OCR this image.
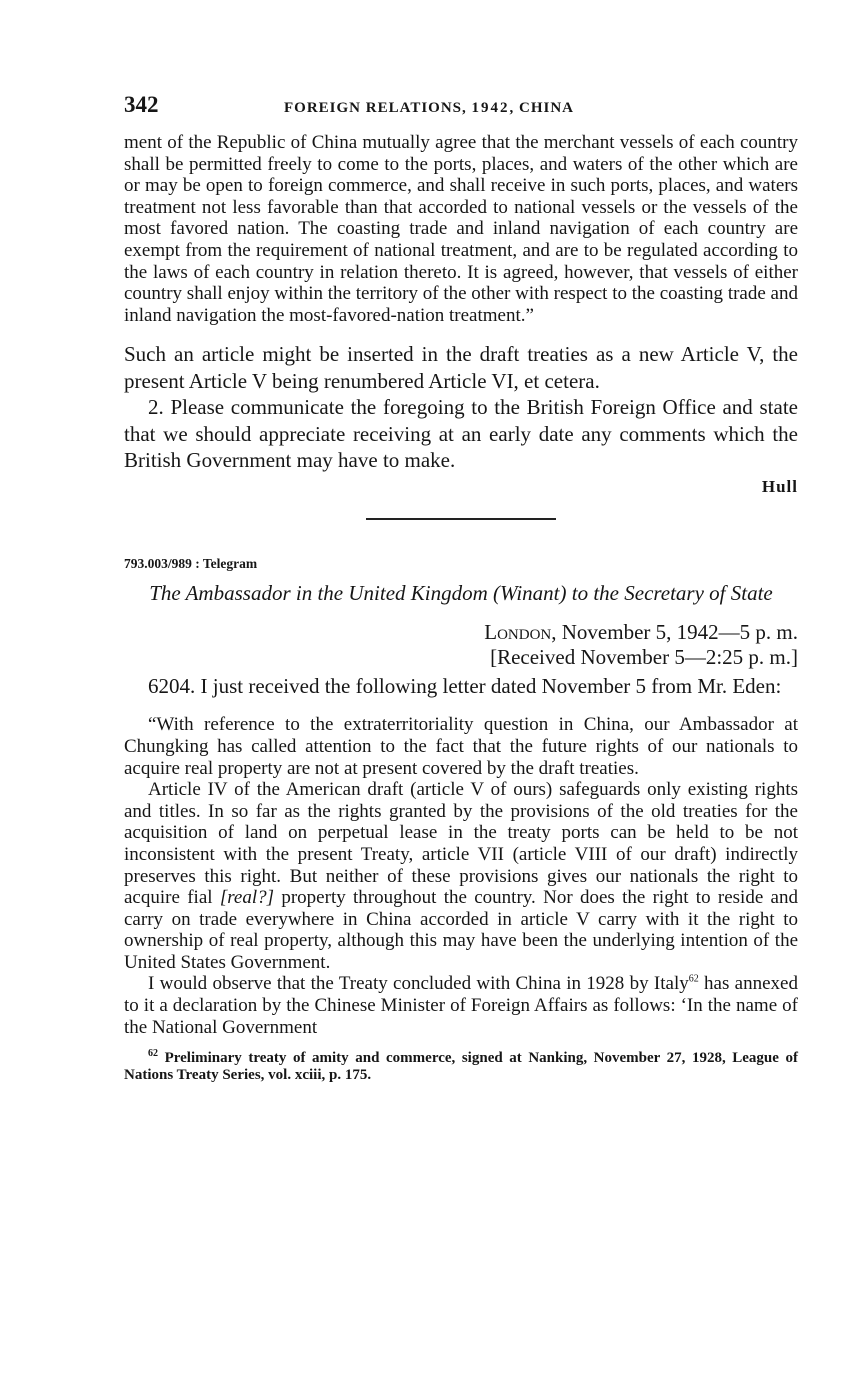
342	FOREIGN RELATIONS, 1942, CHINA

ment of the Republic of China mutually agree that the merchant vessels of each country shall be permitted freely to come to the ports, places, and waters of the other which are or may be open to foreign commerce, and shall receive in such ports, places, and waters treatment not less favorable than that accorded to national vessels or the vessels of the most favored nation. The coasting trade and inland navigation of each country are exempt from the requirement of national treatment, and are to be regulated according to the laws of each country in relation thereto. It is agreed, however, that vessels of either country shall enjoy within the territory of the other with respect to the coasting trade and inland navigation the most-favored-nation treatment.”

Such an article might be inserted in the draft treaties as a new Article V, the present Article V being renumbered Article VI, et cetera.

2. Please communicate the foregoing to the British Foreign Office and state that we should appreciate receiving at an early date any comments which the British Government may have to make.

Hull
793.003/989 : Telegram
The Ambassador in the United Kingdom (Winant) to the Secretary of State
London, November 5, 1942—5 p. m.
[Received November 5—2:25 p. m.]

6204. I just received the following letter dated November 5 from Mr. Eden:

“With reference to the extraterritoriality question in China, our Ambassador at Chungking has called attention to the fact that the future rights of our nationals to acquire real property are not at present covered by the draft treaties.

Article IV of the American draft (article V of ours) safeguards only existing rights and titles. In so far as the rights granted by the provisions of the old treaties for the acquisition of land on perpetual lease in the treaty ports can be held to be not inconsistent with the present Treaty, article VII (article VIII of our draft) indirectly preserves this right. But neither of these provisions gives our nationals the right to acquire fial [real?] property throughout the country. Nor does the right to reside and carry on trade everywhere in China accorded in article V carry with it the right to ownership of real property, although this may have been the underlying intention of the United States Government.

I would observe that the Treaty concluded with China in 1928 by Italy$^{62}$ has annexed to it a declaration by the Chinese Minister of Foreign Affairs as follows: ‘In the name of the National Government

$^{62}$ Preliminary treaty of amity and commerce, signed at Nanking, November 27, 1928, League of Nations Treaty Series, vol. xciii, p. 175.
